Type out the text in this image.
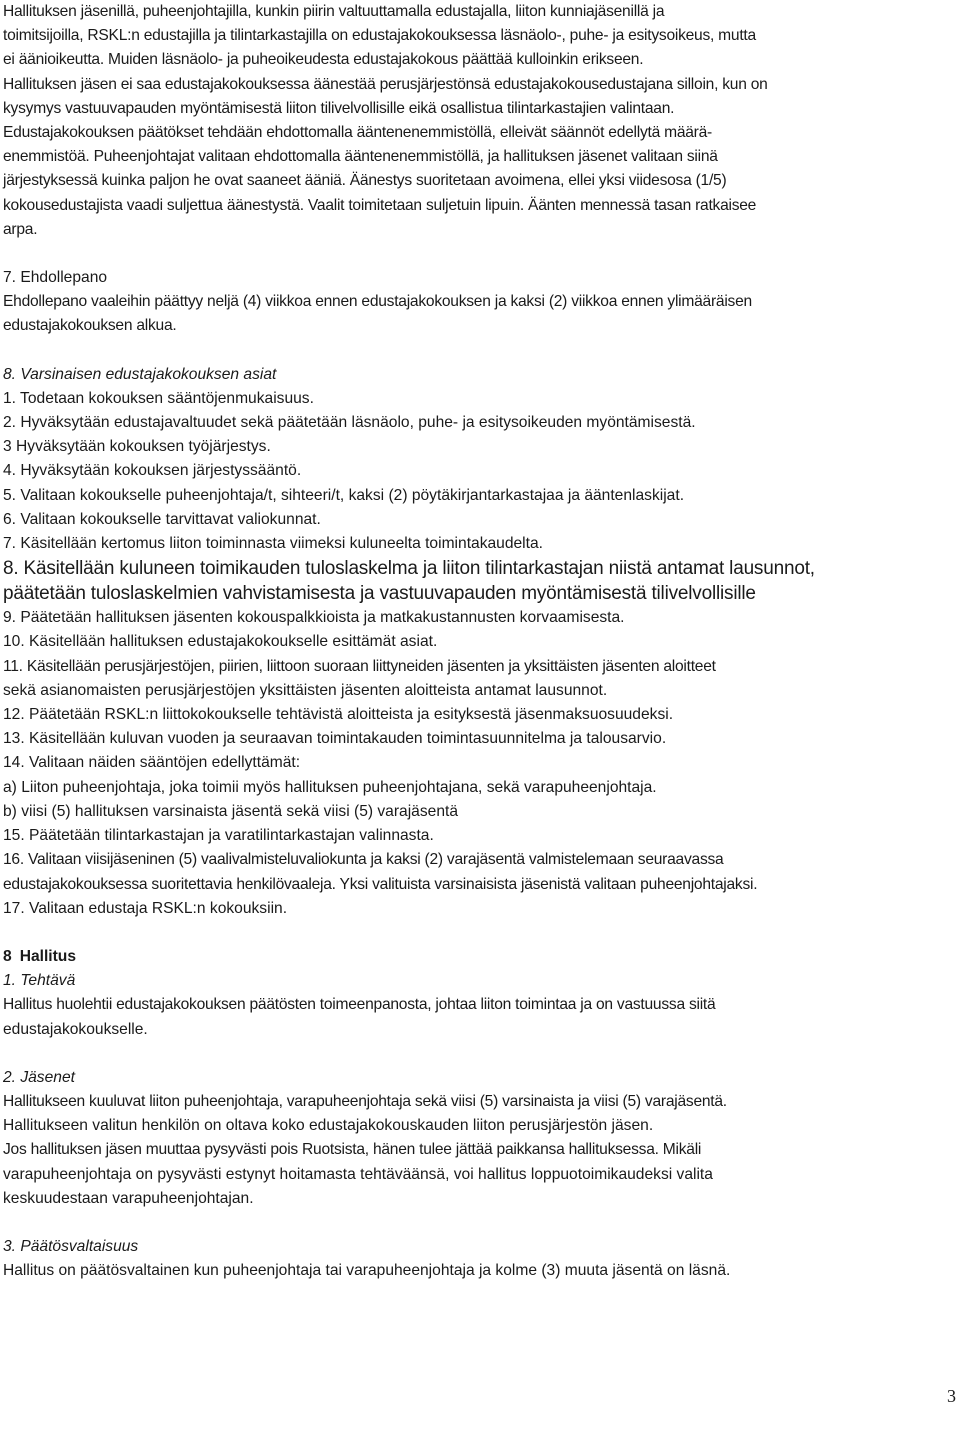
Hallituksen jäsenillä, puheenjohtajilla, kunkin piirin valtuuttamalla edustajalla, liiton kunniajäsenillä ja
toimitsijoilla, RSKL:n edustajilla ja tilintarkastajilla on edustajakokouksessa läsnäolo-, puhe- ja esitysoikeus, mutta
ei äänioikeutta. Muiden läsnäolo- ja puheoikeudesta edustajakokous päättää kulloinkin erikseen.
Hallituksen jäsen ei saa edustajakokouksessa äänestää perusjärjestönsä edustajakokousedustajana silloin, kun on
kysymys vastuuvapauden myöntämisestä liiton tilivelvollisille eikä osallistua tilintarkastajien valintaan.
Edustajakokouksen päätökset tehdään ehdottomalla ääntenenemmistöllä, elleivät säännöt edellytä määrä-
enemmistöä. Puheenjohtajat valitaan ehdottomalla ääntenenemmistöllä, ja hallituksen jäsenet valitaan siinä
järjestyksessä kuinka paljon he ovat saaneet ääniä. Äänestys suoritetaan avoimena, ellei yksi viidesosa (1/5)
kokousedustajista vaadi suljettua äänestystä. Vaalit toimitetaan suljetuin lipuin. Äänten mennessä tasan ratkaisee
arpa.
7. Ehdollepano
Ehdollepano vaaleihin päättyy neljä (4) viikkoa ennen edustajakokouksen ja kaksi (2) viikkoa ennen ylimääräisen
edustajakokouksen alkua.
8. Varsinaisen edustajakokouksen asiat
1. Todetaan kokouksen sääntöjenmukaisuus.
2. Hyväksytään edustajavaltuudet sekä päätetään läsnäolo, puhe- ja esitysoikeuden myöntämisestä.
3 Hyväksytään kokouksen työjärjestys.
4. Hyväksytään kokouksen järjestyssääntö.
5. Valitaan kokoukselle puheenjohtaja/t, sihteeri/t, kaksi (2) pöytäkirjantarkastajaa ja ääntenlaskijat.
6. Valitaan kokoukselle tarvittavat valiokunnat.
7. Käsitellään kertomus liiton toiminnasta viimeksi kuluneelta toimintakaudelta.
8. Käsitellään kuluneen toimikauden tuloslaskelma ja liiton tilintarkastajan niistä antamat lausunnot,
päätetään tuloslaskelmien vahvistamisesta ja vastuuvapauden myöntämisestä tilivelvollisille
9. Päätetään hallituksen jäsenten kokouspalkkioista ja matkakustannusten korvaamisesta.
10. Käsitellään hallituksen edustajakokoukselle esittämät asiat.
11. Käsitellään perusjärjestöjen, piirien, liittoon suoraan liittyneiden jäsenten ja yksittäisten jäsenten aloitteet
sekä asianomaisten perusjärjestöjen yksittäisten jäsenten aloitteista antamat lausunnot.
12. Päätetään RSKL:n liittokokoukselle tehtävistä aloitteista ja esityksestä jäsenmaksuosuudeksi.
13. Käsitellään kuluvan vuoden ja seuraavan toimintakauden toimintasuunnitelma ja talousarvio.
14. Valitaan näiden sääntöjen edellyttämät:
a) Liiton puheenjohtaja, joka toimii myös hallituksen puheenjohtajana, sekä varapuheenjohtaja.
b) viisi (5) hallituksen varsinaista jäsentä sekä viisi (5) varajäsentä
15. Päätetään tilintarkastajan ja varatilintarkastajan valinnasta.
16. Valitaan viisijäseninen (5) vaalivalmisteluvaliokunta ja kaksi (2) varajäsentä valmistelemaan seuraavassa
edustajakokouksessa suoritettavia henkilövaaleja. Yksi valituista varsinaisista jäsenistä valitaan puheenjohtajaksi.
17. Valitaan edustaja RSKL:n kokouksiin.
8 Hallitus
1. Tehtävä
Hallitus huolehtii edustajakokouksen päätösten toimeenpanosta, johtaa liiton toimintaa ja on vastuussa siitä
edustajakokoukselle.
2. Jäsenet
Hallitukseen kuuluvat liiton puheenjohtaja, varapuheenjohtaja sekä viisi (5) varsinaista ja viisi (5) varajäsentä.
Hallitukseen valitun henkilön on oltava koko edustajakokouskauden liiton perusjärjestön jäsen.
Jos hallituksen jäsen muuttaa pysyvästi pois Ruotsista, hänen tulee jättää paikkansa hallituksessa. Mikäli
varapuheenjohtaja on pysyvästi estynyt hoitamasta tehtäväänsä, voi hallitus loppuotoimikaudeksi valita
keskuudestaan varapuheenjohtajan.
3. Päätösvaltaisuus
Hallitus on päätösvaltainen kun puheenjohtaja tai varapuheenjohtaja ja kolme (3) muuta jäsentä on läsnä.
3
